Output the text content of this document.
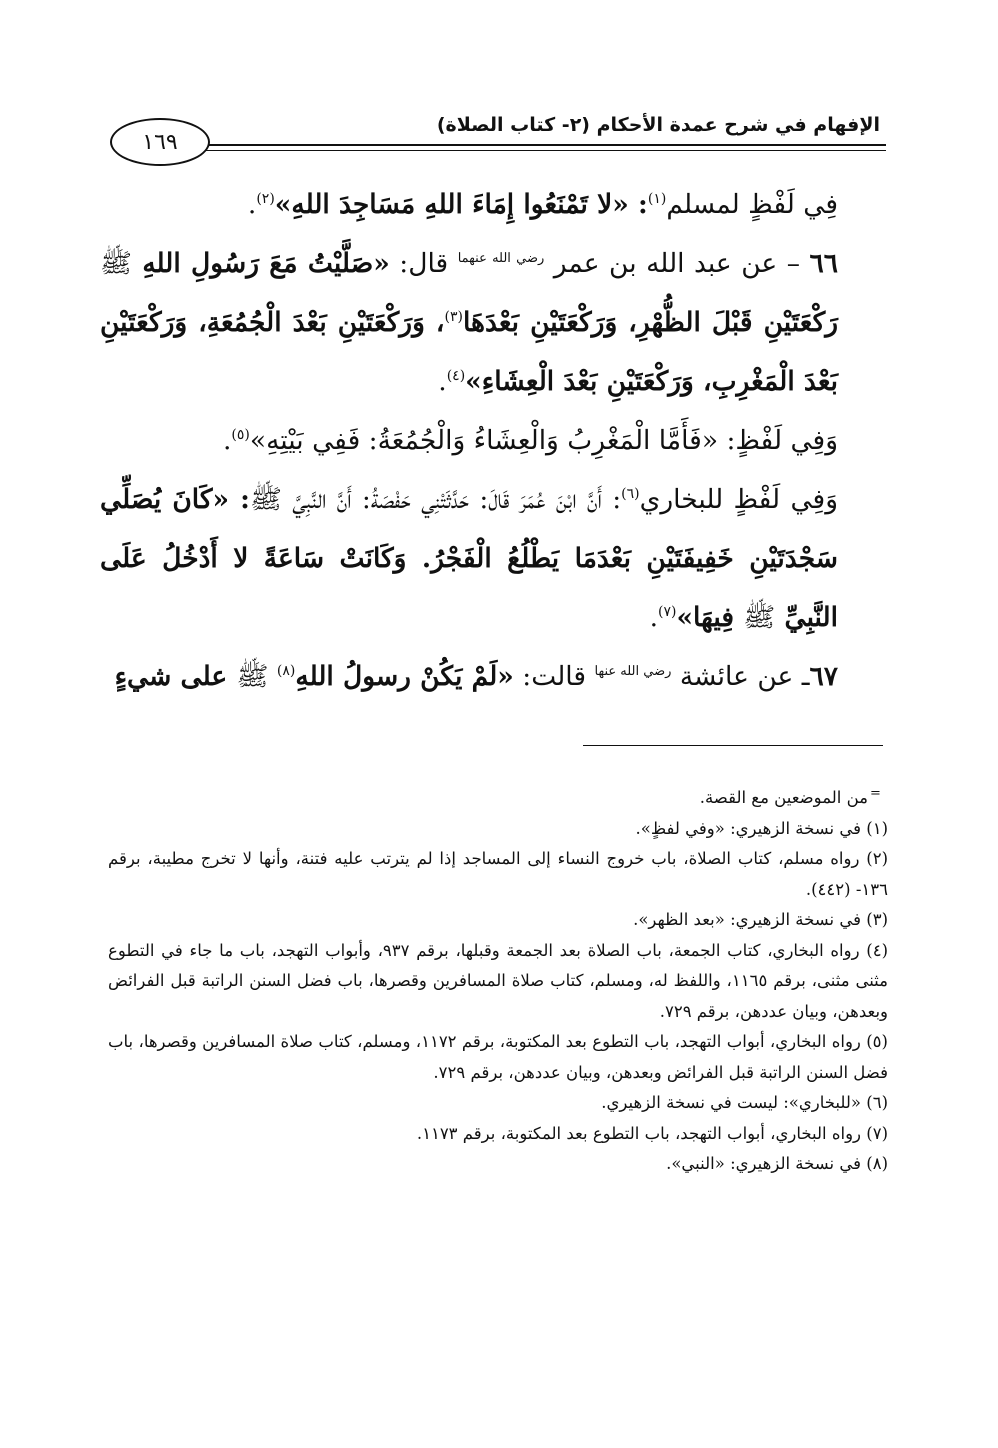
الإفهام في شرح عمدة الأحكام (٢- كتاب الصلاة)
١٦٩

فِي لَفْظٍ لمسلم$^{(١)}$: «لا تَمْنَعُوا إِمَاءَ اللهِ مَسَاجِدَ اللهِ»$^{(٢)}$.

٦٦ – عن عبد الله بن عمر $^{رضي الله عنهما}$ قال: «صَلَّيْتُ مَعَ رَسُولِ اللهِ ﷺ رَكْعَتَيْنِ قَبْلَ الظُّهْرِ، وَرَكْعَتَيْنِ بَعْدَهَا$^{(٣)}$، وَرَكْعَتَيْنِ بَعْدَ الْجُمُعَةِ، وَرَكْعَتَيْنِ بَعْدَ الْمَغْرِبِ، وَرَكْعَتَيْنِ بَعْدَ الْعِشَاءِ»$^{(٤)}$.

وَفِي لَفْظٍ: «فَأَمَّا الْمَغْرِبُ وَالْعِشَاءُ وَالْجُمُعَةُ: فَفِي بَيْتِهِ»$^{(٥)}$.

وَفِي لَفْظٍ للبخاري$^{(٦)}$: أَنَّ ابْنَ عُمَرَ قَالَ: حَدَّثَتْنِي حَفْصَةُ: أَنَّ النَّبِيَّ ﷺ: «كَانَ يُصَلِّي سَجْدَتَيْنِ خَفِيفَتَيْنِ بَعْدَمَا يَطْلُعُ الْفَجْرُ. وَكَانَتْ سَاعَةً لا أَدْخُلُ عَلَى النَّبِيِّ ﷺ فِيهَا»$^{(٧)}$.

٦٧ـ عن عائشة $^{رضي الله عنها}$ قالت: «لَمْ يَكُنْ رسولُ اللهِ$^{(٨)}$ ﷺ على شيءٍ

=

من الموضعين مع القصة.

(١) في نسخة الزهيري: «وفي لفظٍ».

(٢) رواه مسلم، كتاب الصلاة، باب خروج النساء إلى المساجد إذا لم يترتب عليه فتنة، وأنها لا تخرج مطيبة، برقم ١٣٦- (٤٤٢).

(٣) في نسخة الزهيري: «بعد الظهر».

(٤) رواه البخاري، كتاب الجمعة، باب الصلاة بعد الجمعة وقبلها، برقم ٩٣٧، وأبواب التهجد، باب ما جاء في التطوع مثنى مثنى، برقم ١١٦٥، واللفظ له، ومسلم، كتاب صلاة المسافرين وقصرها، باب فضل السنن الراتبة قبل الفرائض وبعدهن، وبيان عددهن، برقم ٧٢٩.

(٥) رواه البخاري، أبواب التهجد، باب التطوع بعد المكتوبة، برقم ١١٧٢، ومسلم، كتاب صلاة المسافرين وقصرها، باب فضل السنن الراتبة قبل الفرائض وبعدهن، وبيان عددهن، برقم ٧٢٩.

(٦) «للبخاري»: ليست في نسخة الزهيري.

(٧) رواه البخاري، أبواب التهجد، باب التطوع بعد المكتوبة، برقم ١١٧٣.

(٨) في نسخة الزهيري: «النبي».
